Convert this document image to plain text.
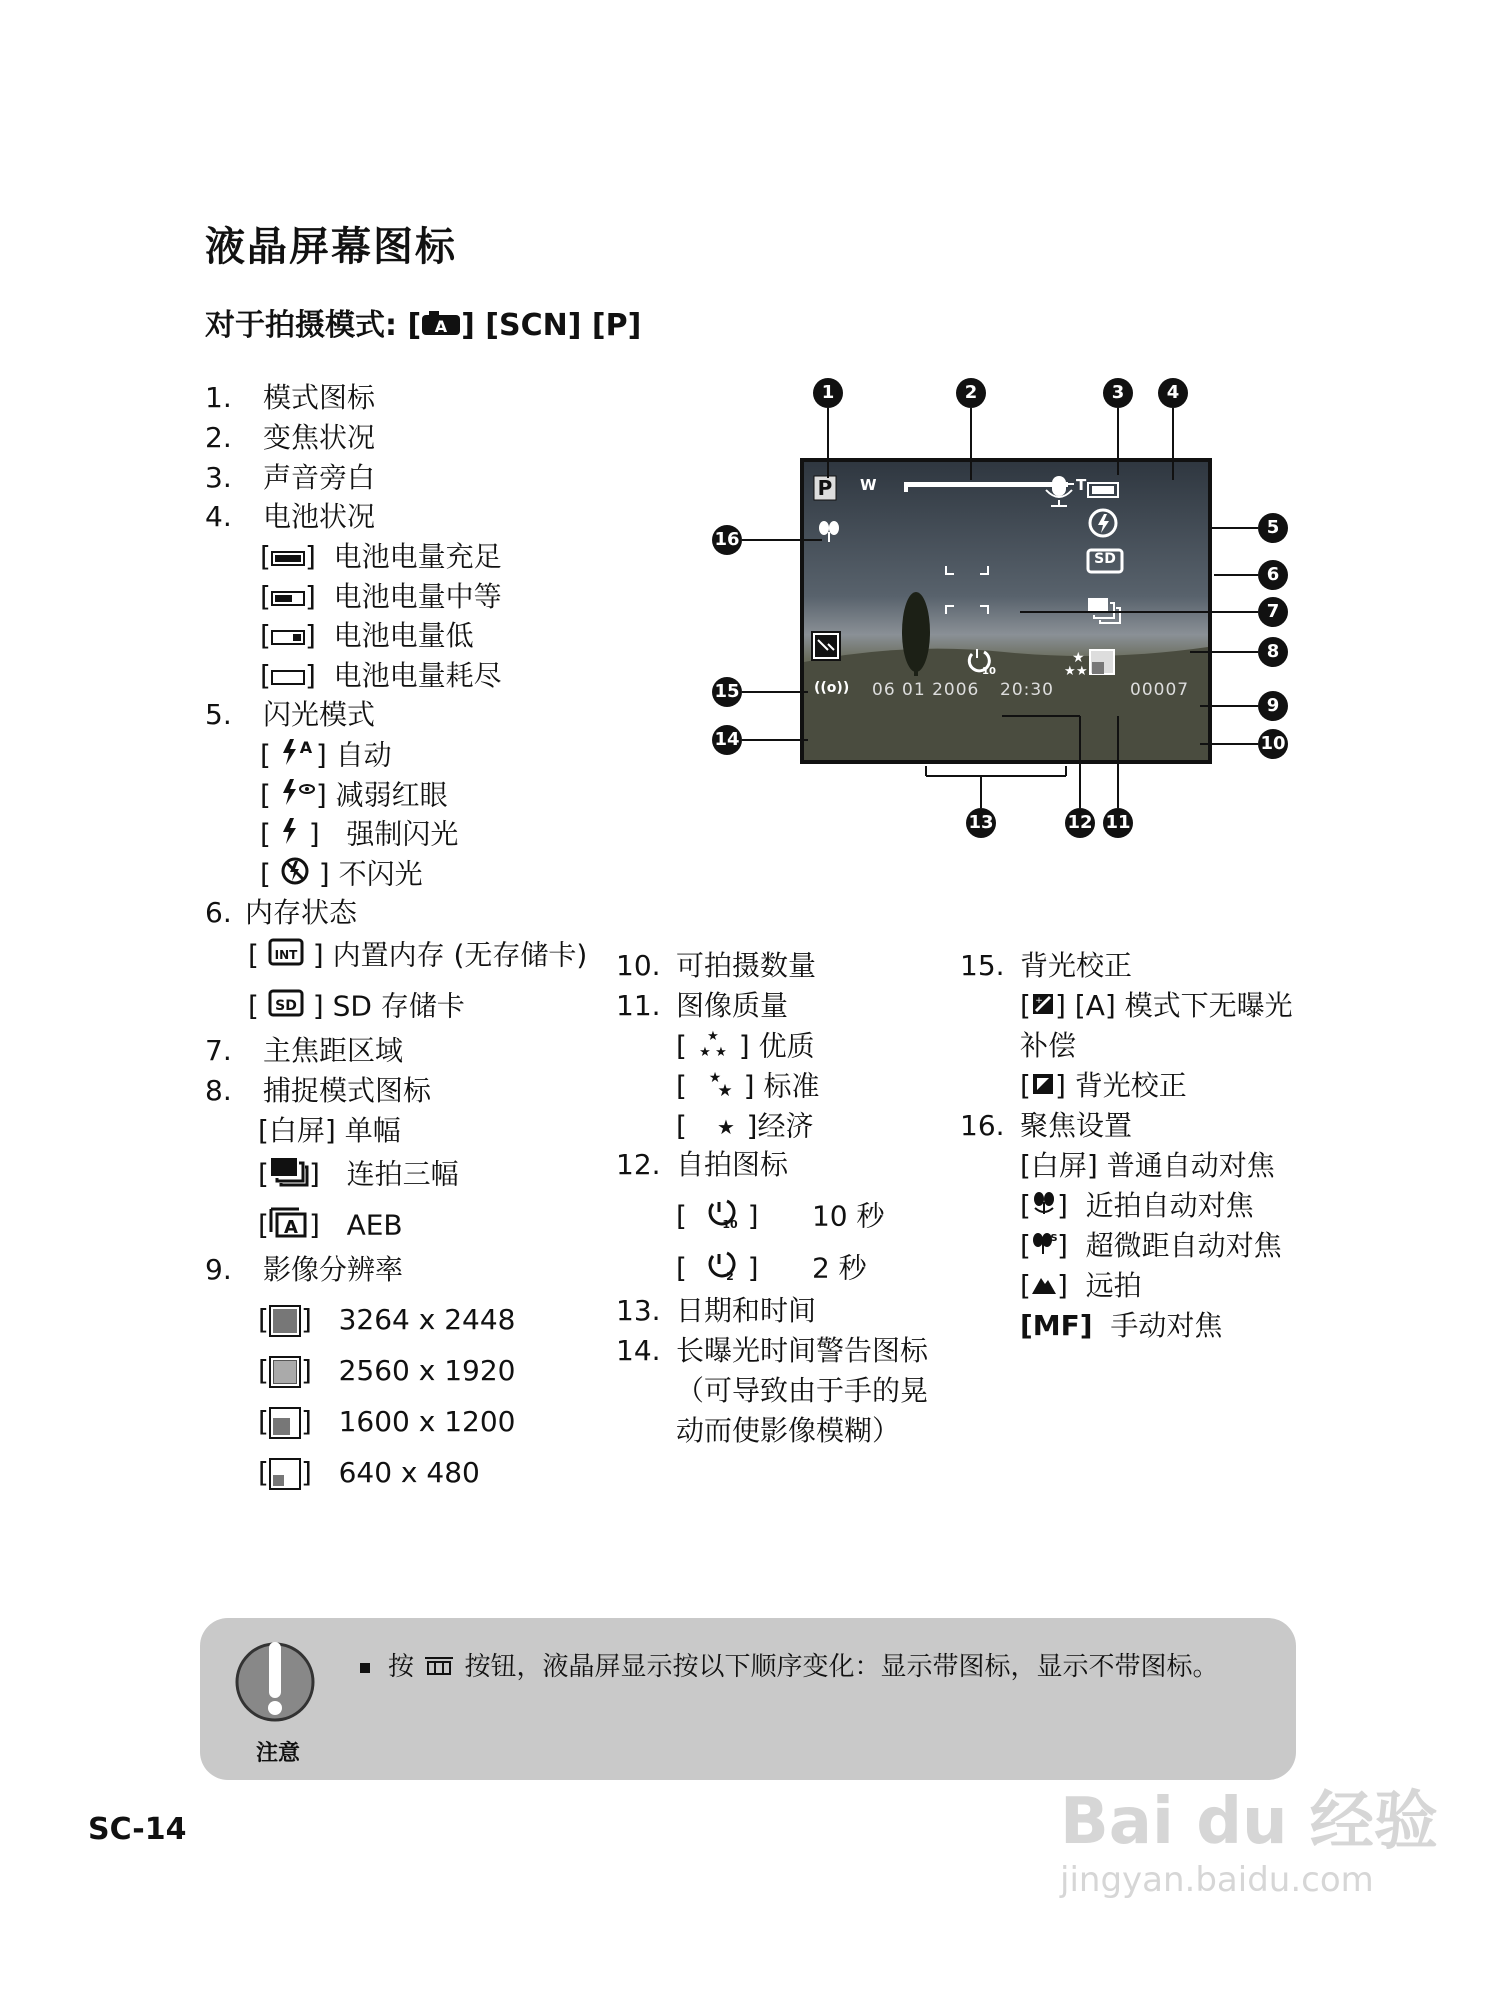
液晶屏幕图标
对于拍摄模式: [ A ] [SCN] [P]
1. 模式图标
2. 变焦状况
3. 声音旁白
4. 电池状况
[ ]  电池电量充足
[ ]  电池电量中等
[ ]  电池电量低
[ ]  电池电量耗尽
5. 闪光模式
[ A ] 自动
[ ] 减弱红眼
[  ]   强制闪光
[  ] 不闪光
6. 内存状态
[ INT ] 内置内存 (无存储卡)
[ SD ] SD 存储卡
7. 主焦距区域
8. 捕捉模式图标
[白屏] 单幅
[ ]   连拍三幅
[ A ]   AEB
9. 影像分辨率
[ ]   3264 x 2448
[ ]   2560 x 1920
[ ]   1600 x 1200
[ ]   640 x 480
10. 可拍摄数量
11. 图像质量
[ ★
★ ★ ] 优质
[ ★
★ ] 标准
[ ★ ]经济
12. 自拍图标
[ 10 ]      10 秒
[ 2 ]      2 秒
13. 日期和时间
14. 长曝光时间警告图标
（可导致由于手的晃
动而使影像模糊）
15. 背光校正
[ + ] [A] 模式下无曝光
补偿
[ ] 背光校正
16. 聚焦设置
[白屏] 普通自动对焦
[ ]  近拍自动对焦
[ S ]  超微距自动对焦
[ ]  远拍
[MF] 手动对焦
★
★ ★
W	T
P
SD
10
((o)) 06 01 2006 20:30	00007
1	2	3	4
5
6
7
8
9
10
11
12
13
14
15
16
注意
按 按钮，液晶屏显示按以下顺序变化：显示带图标，显示不带图标。
SC-14	Bai du 经验
jingyan.baidu.com
